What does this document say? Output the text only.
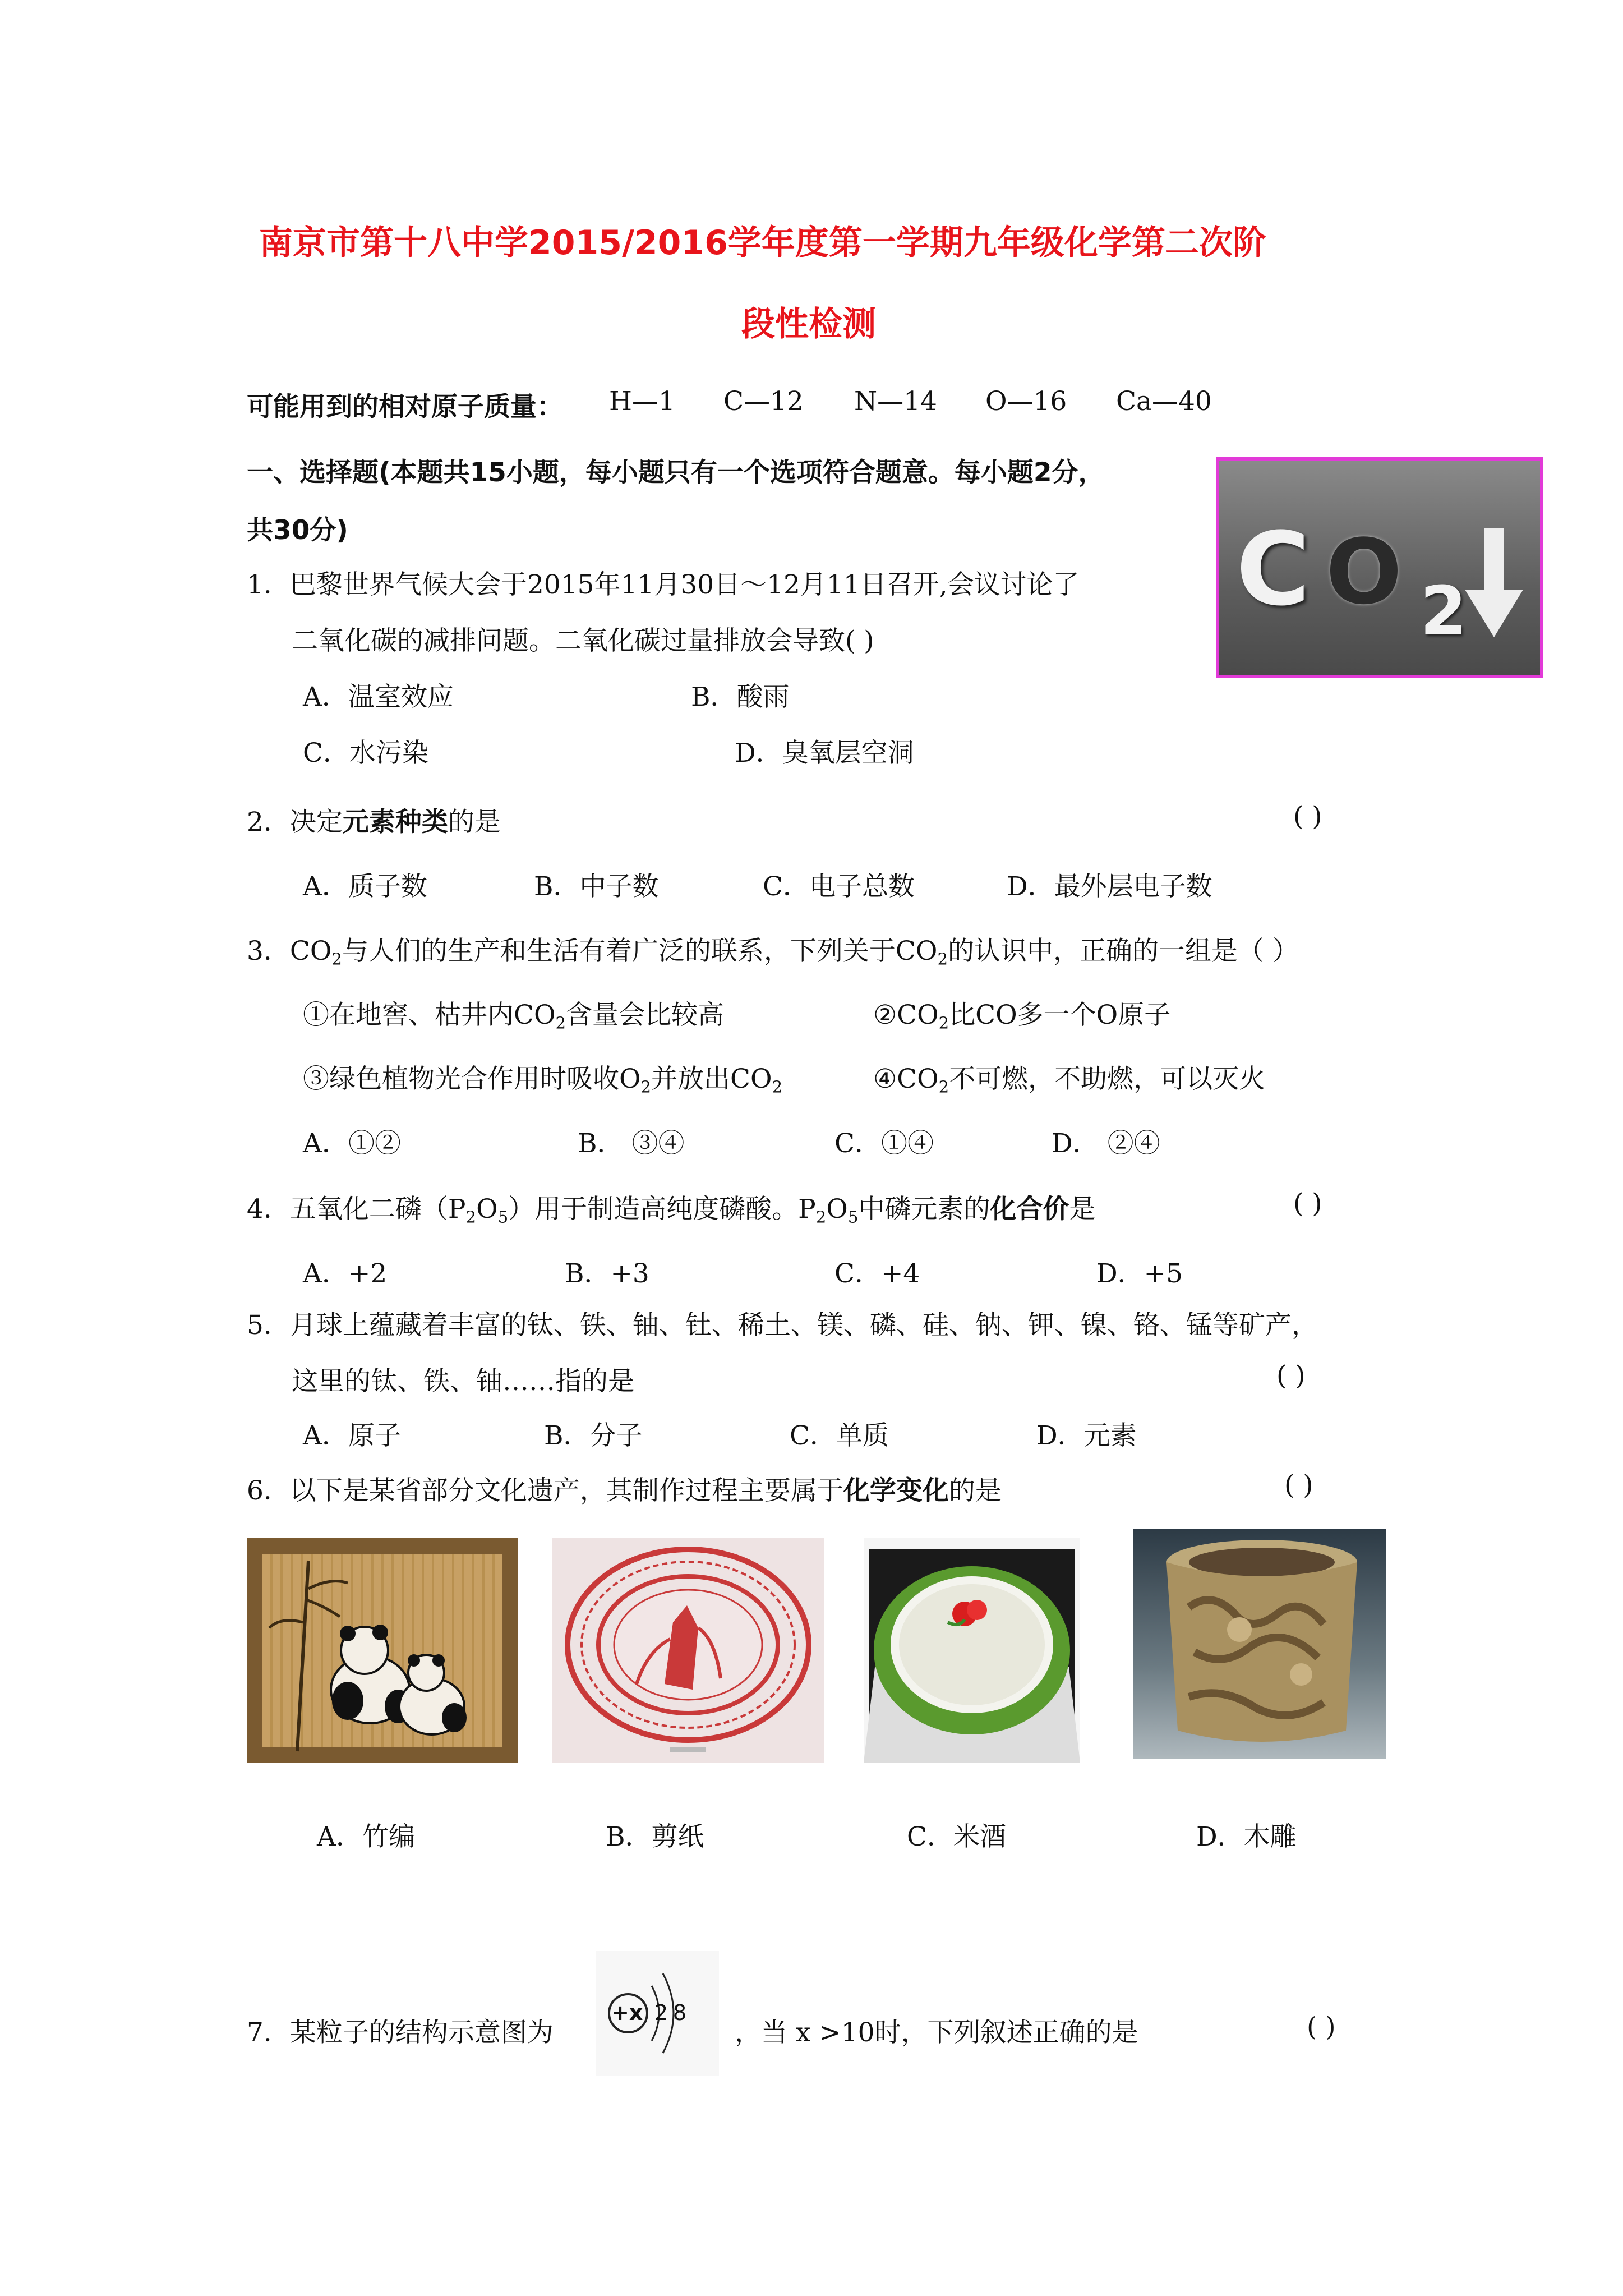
南京市第十八中学2015/2016学年度第一学期九年级化学第二次阶
段性检测
可能用到的相对原子质量： H—1 C—12 N—14 O—16 Ca—40
一、选择题(本题共15小题，每小题只有一个选项符合题意。每小题2分，
共30分)	C O 2
1．巴黎世界气候大会于2015年11月30日～12月11日召开,会议讨论了
二氧化碳的减排问题。二氧化碳过量排放会导致( )
A．温室效应	B．酸雨
C．水污染	D．臭氧层空洞
2．决定元素种类的是	( )
A．质子数	B．中子数	C．电子总数	D．最外层电子数
3．$CO_2$与人们的生产和生活有着广泛的联系，下列关于$CO_2$的认识中，正确的一组是（ ）
①在地窖、枯井内$CO_2$含量会比较高	$②CO_2$比CO多一个O原子
③绿色植物光合作用时吸收$O_2$并放出$CO_2$	$④CO_2$不可燃，不助燃，可以灭火
A．①②	B． ③④	C．①④	D． ②④
4．五氧化二磷$(P_2O_5)$用于制造高纯度磷酸。$P_2O_5$中磷元素的化合价是	( )
A．+2	B．+3	C．+4	D．+5
5．月球上蕴藏着丰富的钛、铁、铀、钍、稀土、镁、磷、硅、钠、钾、镍、铬、锰等矿产，
这里的钛、铁、铀……指的是	( )
A．原子	B．分子	C．单质	D．元素
6．以下是某省部分文化遗产，其制作过程主要属于化学变化的是	( )
A．竹编	B．剪纸	C．米酒	D．木雕
7．某粒子的结构示意图为
+x 2 8
，当 x >10时，下列叙述正确的是	( )
